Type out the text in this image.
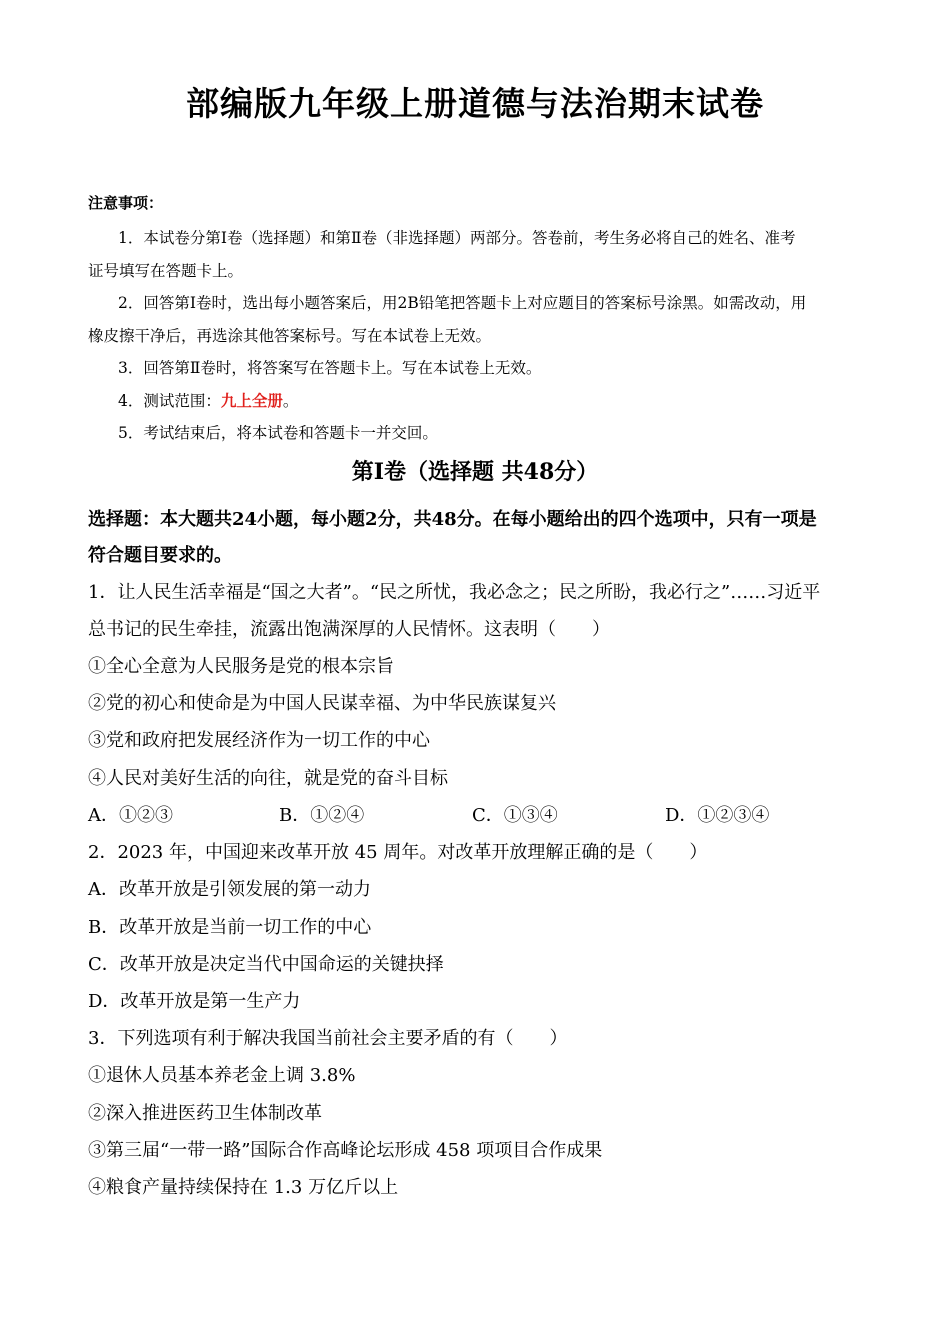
部编版九年级上册道德与法治期末试卷
注意事项：
1．本试卷分第Ⅰ卷（选择题）和第Ⅱ卷（非选择题）两部分。答卷前，考生务必将自己的姓名、准考
证号填写在答题卡上。
2．回答第Ⅰ卷时，选出每小题答案后，用2B铅笔把答题卡上对应题目的答案标号涂黑。如需改动，用
橡皮擦干净后，再选涂其他答案标号。写在本试卷上无效。
3．回答第Ⅱ卷时，将答案写在答题卡上。写在本试卷上无效。
4．测试范围：九上全册。
5．考试结束后，将本试卷和答题卡一并交回。
第Ⅰ卷（选择题 共48分）
选择题：本大题共24小题，每小题2分，共48分。在每小题给出的四个选项中，只有一项是
符合题目要求的。
1．让人民生活幸福是“国之大者”。“民之所忧，我必念之；民之所盼，我必行之”……习近平
总书记的民生牵挂，流露出饱满深厚的人民情怀。这表明（　　）
①全心全意为人民服务是党的根本宗旨
②党的初心和使命是为中国人民谋幸福、为中华民族谋复兴
③党和政府把发展经济作为一切工作的中心
④人民对美好生活的向往，就是党的奋斗目标
A．①②③	B．①②④	C．①③④	D．①②③④
2．2023 年，中国迎来改革开放 45 周年。对改革开放理解正确的是（　　）
A．改革开放是引领发展的第一动力
B．改革开放是当前一切工作的中心
C．改革开放是决定当代中国命运的关键抉择
D．改革开放是第一生产力
3．下列选项有利于解决我国当前社会主要矛盾的有（　　）
①退休人员基本养老金上调 3.8%
②深入推进医药卫生体制改革
③第三届“一带一路”国际合作高峰论坛形成 458 项项目合作成果
④粮食产量持续保持在 1.3 万亿斤以上
